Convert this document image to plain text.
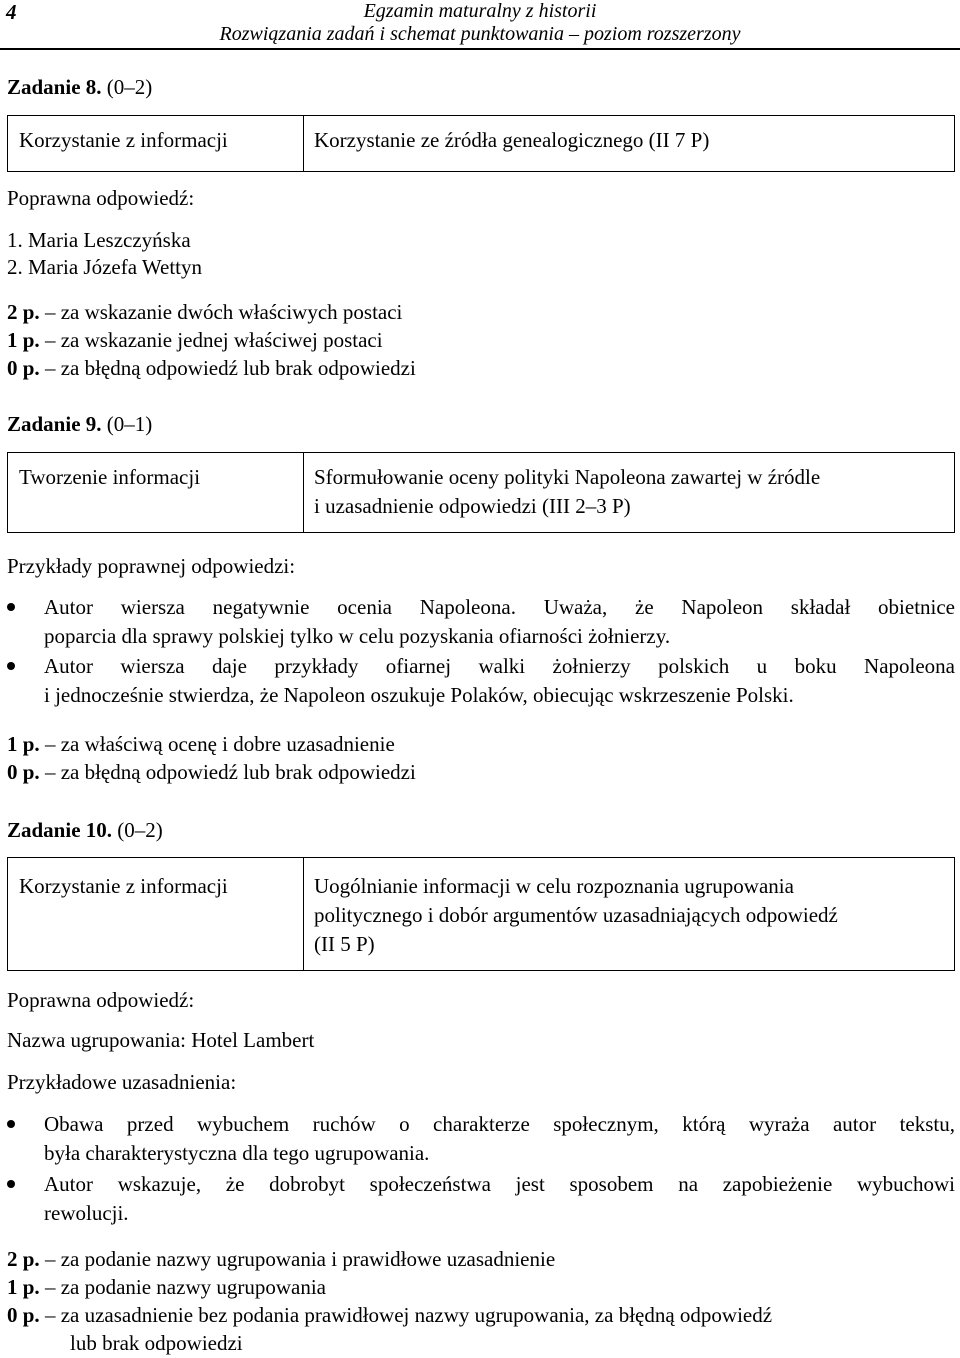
4	Egzamin maturalny z historii
Rozwiązania zadań i schemat punktowania – poziom rozszerzony
Zadanie 8. (0–2)
Korzystanie z informacji	Korzystanie ze źródła genealogicznego (II 7 P)
Poprawna odpowiedź:
1. Maria Leszczyńska
2. Maria Józefa Wettyn
2 p. – za wskazanie dwóch właściwych postaci
1 p. – za wskazanie jednej właściwej postaci
0 p. – za błędną odpowiedź lub brak odpowiedzi
Zadanie 9. (0–1)
Tworzenie informacji	Sformułowanie oceny polityki Napoleona zawartej w źródle
i uzasadnienie odpowiedzi (III 2–3 P)
Przykłady poprawnej odpowiedzi:
Autor wiersza negatywnie ocenia Napoleona. Uważa, że Napoleon składał obietnice
poparcia dla sprawy polskiej tylko w celu pozyskania ofiarności żołnierzy.
Autor wiersza daje przykłady ofiarnej walki żołnierzy polskich u boku Napoleona
i jednocześnie stwierdza, że Napoleon oszukuje Polaków, obiecując wskrzeszenie Polski.
1 p. – za właściwą ocenę i dobre uzasadnienie
0 p. – za błędną odpowiedź lub brak odpowiedzi
Zadanie 10. (0–2)
Korzystanie z informacji	Uogólnianie informacji w celu rozpoznania ugrupowania
politycznego i dobór argumentów uzasadniających odpowiedź
(II 5 P)
Poprawna odpowiedź:
Nazwa ugrupowania: Hotel Lambert
Przykładowe uzasadnienia:
Obawa przed wybuchem ruchów o charakterze społecznym, którą wyraża autor tekstu,
była charakterystyczna dla tego ugrupowania.
Autor wskazuje, że dobrobyt społeczeństwa jest sposobem na zapobieżenie wybuchowi
rewolucji.
2 p. – za podanie nazwy ugrupowania i prawidłowe uzasadnienie
1 p. – za podanie nazwy ugrupowania
0 p. – za uzasadnienie bez podania prawidłowej nazwy ugrupowania, za błędną odpowiedź
lub brak odpowiedzi
